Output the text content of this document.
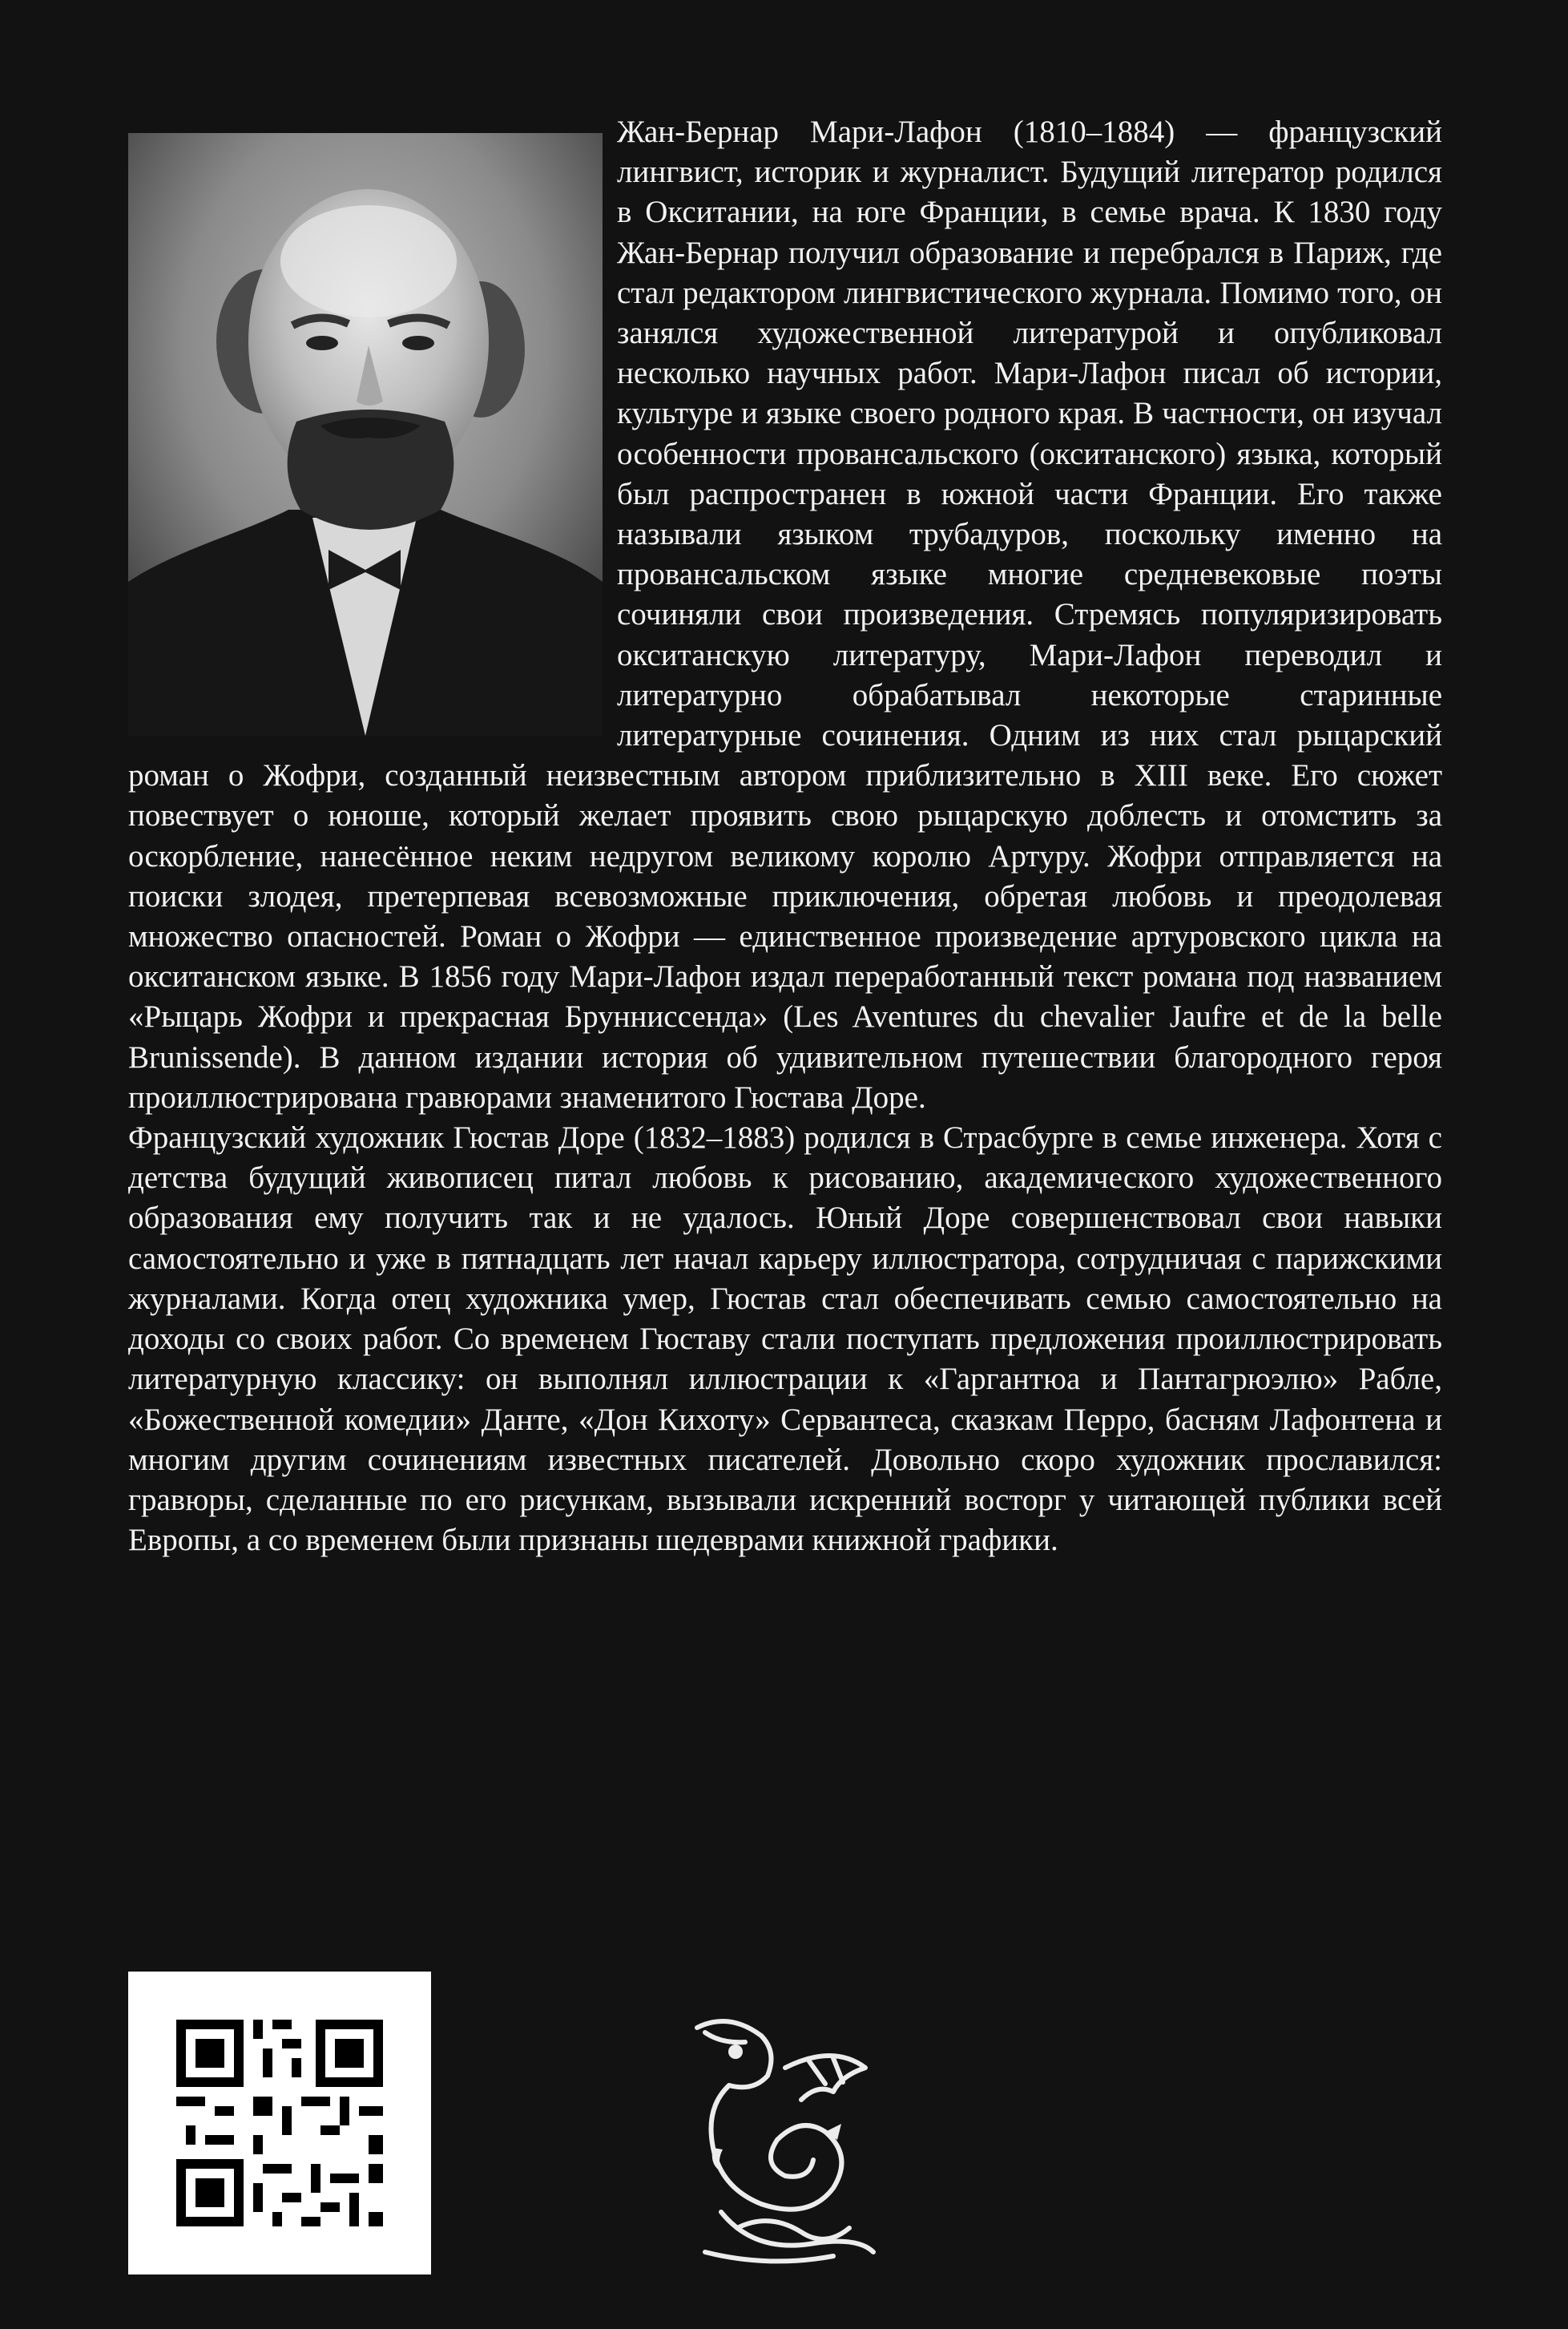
Жан-Бернар Мари-Лафон (1810–1884) — французский лингвист, историк и журналист. Будущий литератор родился в Окситании, на юге Франции, в семье врача. К 1830 году Жан-Бернар получил образование и перебрался в Париж, где стал редактором лингвистического журнала. Помимо того, он занялся художественной литературой и опубликовал несколько научных работ. Мари-Лафон писал об истории, культуре и языке своего родного края. В частности, он изучал особенности провансальского (окситанского) языка, который был распространен в южной части Франции. Его также называли языком трубадуров, поскольку именно на провансальском языке многие средневековые поэты сочиняли свои произведения. Стремясь популяризировать окситанскую литературу, Мари-Лафон переводил и литературно обрабатывал некоторые старинные литературные сочинения. Одним из них стал рыцарский роман о Жофри, созданный неизвестным автором приблизительно в XIII веке. Его сюжет повествует о юноше, который желает проявить свою рыцарскую доблесть и отомстить за оскорбление, нанесённое неким недругом великому королю Артуру. Жофри отправляется на поиски злодея, претерпевая всевозможные приключения, обретая любовь и преодолевая множество опасностей. Роман о Жофри — единственное произведение артуровского цикла на окситанском языке. В 1856 году Мари-Лафон издал переработанный текст романа под названием «Рыцарь Жофри и прекрасная Брунниссенда» (Les Aventures du chevalier Jaufre et de la belle Brunissende). В данном издании история об удивительном путешествии благородного героя проиллюстрирована гравюрами знаменитого Гюстава Доре.

Французский художник Гюстав Доре (1832–1883) родился в Страсбурге в семье инженера. Хотя с детства будущий живописец питал любовь к рисованию, академического художественного образования ему получить так и не удалось. Юный Доре совершенствовал свои навыки самостоятельно и уже в пятнадцать лет начал карьеру иллюстратора, сотрудничая с парижскими журналами. Когда отец художника умер, Гюстав стал обеспечивать семью самостоятельно на доходы со своих работ. Со временем Гюставу стали поступать предложения проиллюстрировать литературную классику: он выполнял иллюстрации к «Гаргантюа и Пантагрюэлю» Рабле, «Божественной комедии» Данте, «Дон Кихоту» Сервантеса, сказкам Перро, басням Лафонтена и многим другим сочинениям известных писателей. Довольно скоро художник прославился: гравюры, сделанные по его рисункам, вызывали искренний восторг у читающей публики всей Европы, а со временем были признаны шедеврами книжной графики.
